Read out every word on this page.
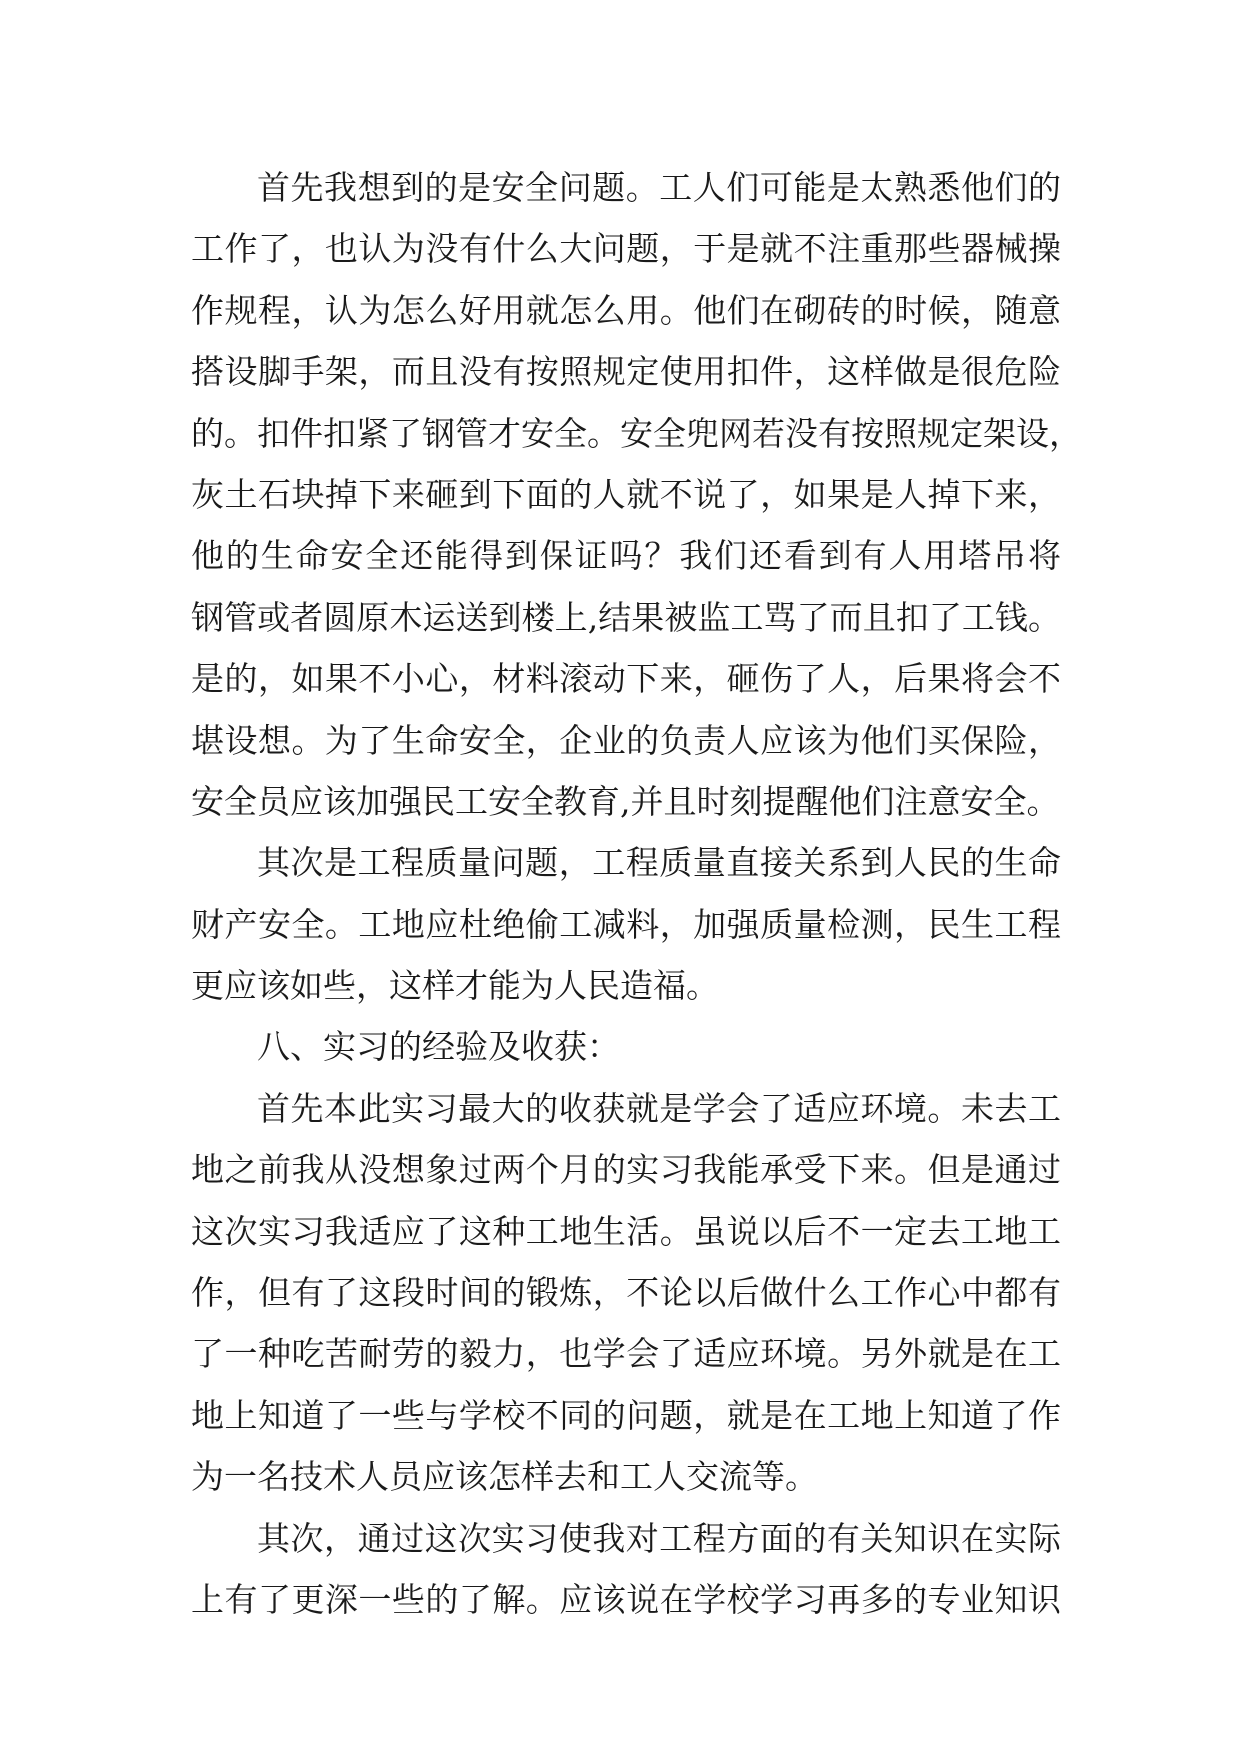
首先我想到的是安全问题。工人们可能是太熟悉他们的
工作了，也认为没有什么大问题，于是就不注重那些器械操
作规程，认为怎么好用就怎么用。他们在砌砖的时候，随意
搭设脚手架，而且没有按照规定使用扣件，这样做是很危险
的。扣件扣紧了钢管才安全。安全兜网若没有按照规定架设，
灰土石块掉下来砸到下面的人就不说了，如果是人掉下来，
他的生命安全还能得到保证吗？我们还看到有人用塔吊将
钢管或者圆原木运送到楼上,结果被监工骂了而且扣了工钱。
是的，如果不小心，材料滚动下来，砸伤了人，后果将会不
堪设想。为了生命安全，企业的负责人应该为他们买保险，
安全员应该加强民工安全教育,并且时刻提醒他们注意安全。
其次是工程质量问题，工程质量直接关系到人民的生命
财产安全。工地应杜绝偷工减料，加强质量检测，民生工程
更应该如些，这样才能为人民造福。
八、实习的经验及收获：
首先本此实习最大的收获就是学会了适应环境。未去工
地之前我从没想象过两个月的实习我能承受下来。但是通过
这次实习我适应了这种工地生活。虽说以后不一定去工地工
作，但有了这段时间的锻炼，不论以后做什么工作心中都有
了一种吃苦耐劳的毅力，也学会了适应环境。另外就是在工
地上知道了一些与学校不同的问题，就是在工地上知道了作
为一名技术人员应该怎样去和工人交流等。
其次，通过这次实习使我对工程方面的有关知识在实际
上有了更深一些的了解。应该说在学校学习再多的专业知识
